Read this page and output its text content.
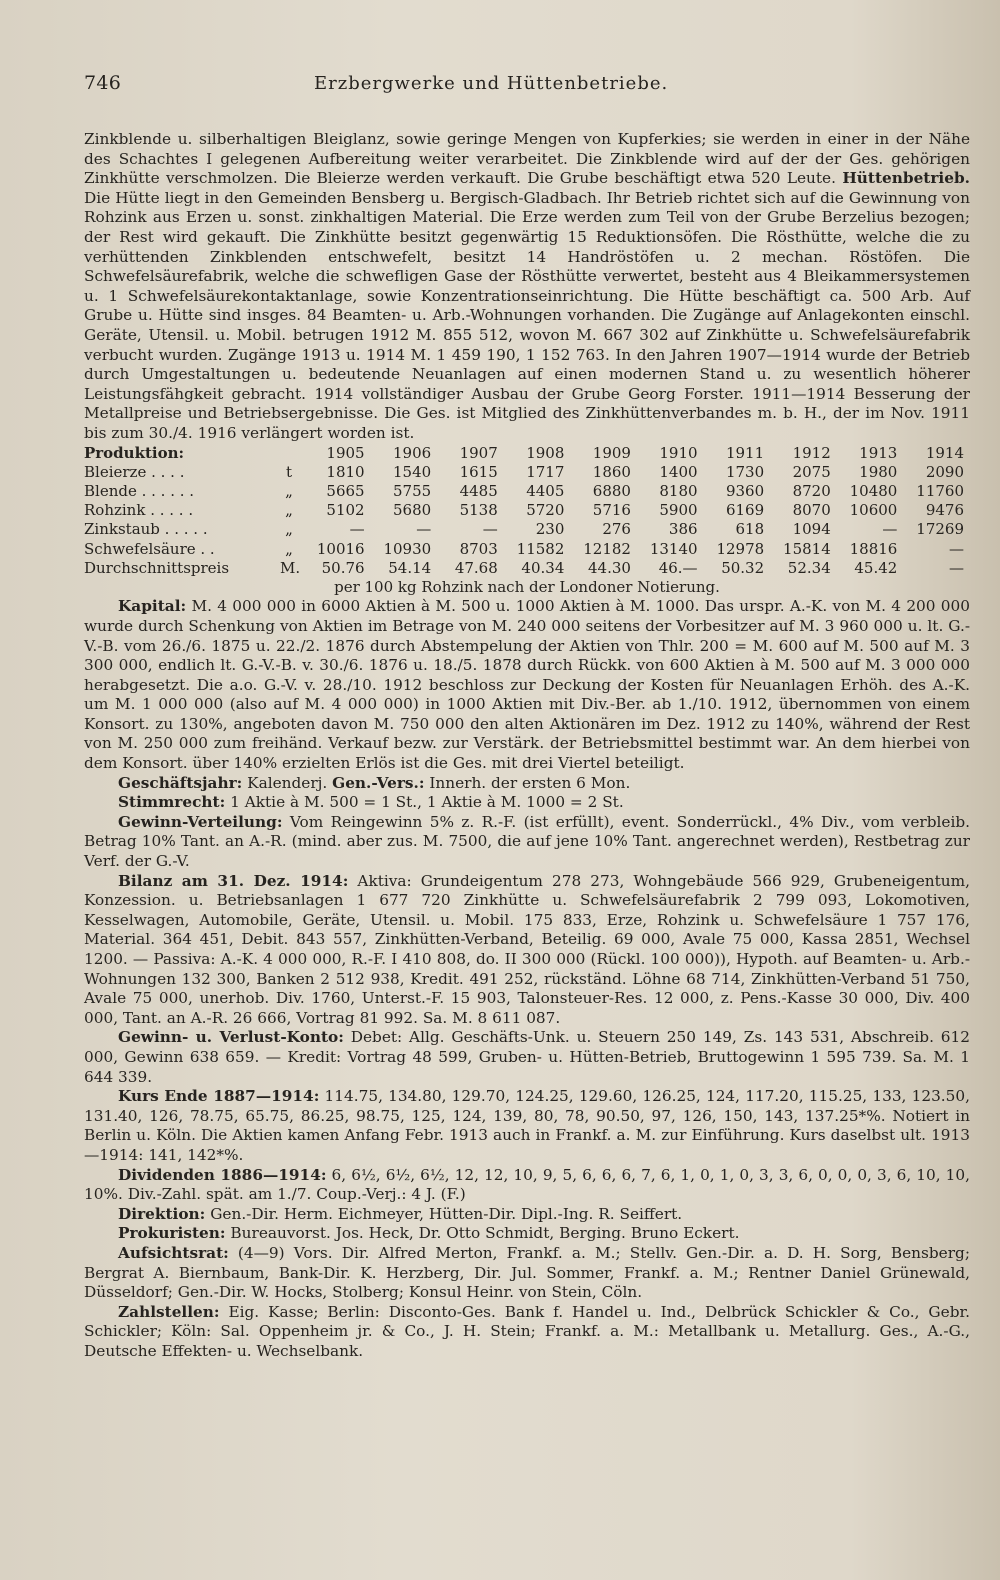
746	Erzbergwerke und Hüttenbetriebe.

Zinkblende u. silberhaltigen Bleiglanz, sowie geringe Mengen von Kupferkies; sie werden in einer in der Nähe des Schachtes I gelegenen Aufbereitung weiter verarbeitet. Die Zinkblende wird auf der der Ges. gehörigen Zinkhütte verschmolzen. Die Bleierze werden verkauft. Die Grube beschäftigt etwa 520 Leute. Hüttenbetrieb. Die Hütte liegt in den Gemeinden Bensberg u. Bergisch-Gladbach. Ihr Betrieb richtet sich auf die Gewinnung von Rohzink aus Erzen u. sonst. zinkhaltigen Material. Die Erze werden zum Teil von der Grube Berzelius bezogen; der Rest wird gekauft. Die Zinkhütte besitzt gegenwärtig 15 Reduktionsöfen. Die Rösthütte, welche die zu verhüttenden Zinkblenden entschwefelt, besitzt 14 Handröstöfen u. 2 mechan. Röstöfen. Die Schwefelsäurefabrik, welche die schwefligen Gase der Rösthütte verwertet, besteht aus 4 Bleikammersystemen u. 1 Schwefelsäurekontaktanlage, sowie Konzentrationseinrichtung. Die Hütte beschäftigt ca. 500 Arb. Auf Grube u. Hütte sind insges. 84 Beamten- u. Arb.-Wohnungen vorhanden. Die Zugänge auf Anlagekonten einschl. Geräte, Utensil. u. Mobil. betrugen 1912 M. 855 512, wovon M. 667 302 auf Zinkhütte u. Schwefelsäurefabrik verbucht wurden. Zugänge 1913 u. 1914 M. 1 459 190, 1 152 763. In den Jahren 1907—1914 wurde der Betrieb durch Umgestaltungen u. bedeutende Neuanlagen auf einen modernen Stand u. zu wesentlich höherer Leistungsfähgkeit gebracht. 1914 vollständiger Ausbau der Grube Georg Forster. 1911—1914 Besserung der Metallpreise und Betriebsergebnisse. Die Ges. ist Mitglied des Zinkhüttenverbandes m. b. H., der im Nov. 1911 bis zum 30./4. 1916 verlängert worden ist.

Produktion:		1905	1906	1907	1908	1909	1910	1911	1912	1913	1914
Bleierze . . . .	t	1810	1540	1615	1717	1860	1400	1730	2075	1980	2090
Blende . . . . . .	„	5665	5755	4485	4405	6880	8180	9360	8720	10480	11760
Rohzink . . . . .	„	5102	5680	5138	5720	5716	5900	6169	8070	10600	9476
Zinkstaub . . . . .	„	—	—	—	230	276	386	618	1094	—	17269
Schwefelsäure . .	„	10016	10930	8703	11582	12182	13140	12978	15814	18816	—
Durchschnittspreis	M.	50.76	54.14	47.68	40.34	44.30	46.—	50.32	52.34	45.42	—

per 100 kg Rohzink nach der Londoner Notierung.

Kapital: M. 4 000 000 in 6000 Aktien à M. 500 u. 1000 Aktien à M. 1000. Das urspr. A.-K. von M. 4 200 000 wurde durch Schenkung von Aktien im Betrage von M. 240 000 seitens der Vorbesitzer auf M. 3 960 000 u. lt. G.-V.-B. vom 26./6. 1875 u. 22./2. 1876 durch Abstempelung der Aktien von Thlr. 200 = M. 600 auf M. 500 auf M. 3 300 000, endlich lt. G.-V.-B. v. 30./6. 1876 u. 18./5. 1878 durch Rückk. von 600 Aktien à M. 500 auf M. 3 000 000 herabgesetzt. Die a.o. G.-V. v. 28./10. 1912 beschloss zur Deckung der Kosten für Neuanlagen Erhöh. des A.-K. um M. 1 000 000 (also auf M. 4 000 000) in 1000 Aktien mit Div.-Ber. ab 1./10. 1912, übernommen von einem Konsort. zu 130%, angeboten davon M. 750 000 den alten Aktionären im Dez. 1912 zu 140%, während der Rest von M. 250 000 zum freihänd. Verkauf bezw. zur Verstärk. der Betriebsmittel bestimmt war. An dem hierbei von dem Konsort. über 140% erzielten Erlös ist die Ges. mit drei Viertel beteiligt.

Geschäftsjahr: Kalenderj. Gen.-Vers.: Innerh. der ersten 6 Mon.

Stimmrecht: 1 Aktie à M. 500 = 1 St., 1 Aktie à M. 1000 = 2 St.

Gewinn-Verteilung: Vom Reingewinn 5% z. R.-F. (ist erfüllt), event. Sonderrückl., 4% Div., vom verbleib. Betrag 10% Tant. an A.-R. (mind. aber zus. M. 7500, die auf jene 10% Tant. angerechnet werden), Restbetrag zur Verf. der G.-V.

Bilanz am 31. Dez. 1914: Aktiva: Grundeigentum 278 273, Wohngebäude 566 929, Grubeneigentum, Konzession. u. Betriebsanlagen 1 677 720 Zinkhütte u. Schwefelsäurefabrik 2 799 093, Lokomotiven, Kesselwagen, Automobile, Geräte, Utensil. u. Mobil. 175 833, Erze, Rohzink u. Schwefelsäure 1 757 176, Material. 364 451, Debit. 843 557, Zinkhütten-Verband, Beteilig. 69 000, Avale 75 000, Kassa 2851, Wechsel 1200. — Passiva: A.-K. 4 000 000, R.-F. I 410 808, do. II 300 000 (Rückl. 100 000)), Hypoth. auf Beamten- u. Arb.-Wohnungen 132 300, Banken 2 512 938, Kredit. 491 252, rückständ. Löhne 68 714, Zinkhütten-Verband 51 750, Avale 75 000, unerhob. Div. 1760, Unterst.-F. 15 903, Talonsteuer-Res. 12 000, z. Pens.-Kasse 30 000, Div. 400 000, Tant. an A.-R. 26 666, Vortrag 81 992. Sa. M. 8 611 087.

Gewinn- u. Verlust-Konto: Debet: Allg. Geschäfts-Unk. u. Steuern 250 149, Zs. 143 531, Abschreib. 612 000, Gewinn 638 659. — Kredit: Vortrag 48 599, Gruben- u. Hütten-Betrieb, Bruttogewinn 1 595 739. Sa. M. 1 644 339.

Kurs Ende 1887—1914: 114.75, 134.80, 129.70, 124.25, 129.60, 126.25, 124, 117.20, 115.25, 133, 123.50, 131.40, 126, 78.75, 65.75, 86.25, 98.75, 125, 124, 139, 80, 78, 90.50, 97, 126, 150, 143, 137.25*%. Notiert in Berlin u. Köln. Die Aktien kamen Anfang Febr. 1913 auch in Frankf. a. M. zur Einführung. Kurs daselbst ult. 1913—1914: 141, 142*%.

Dividenden 1886—1914: 6, 6½, 6½, 6½, 12, 12, 10, 9, 5, 6, 6, 6, 7, 6, 1, 0, 1, 0, 3, 3, 6, 0, 0, 0, 3, 6, 10, 10, 10%. Div.-Zahl. spät. am 1./7. Coup.-Verj.: 4 J. (F.)

Direktion: Gen.-Dir. Herm. Eichmeyer, Hütten-Dir. Dipl.-Ing. R. Seiffert.

Prokuristen: Bureauvorst. Jos. Heck, Dr. Otto Schmidt, Berging. Bruno Eckert.

Aufsichtsrat: (4—9) Vors. Dir. Alfred Merton, Frankf. a. M.; Stellv. Gen.-Dir. a. D. H. Sorg, Bensberg; Bergrat A. Biernbaum, Bank-Dir. K. Herzberg, Dir. Jul. Sommer, Frankf. a. M.; Rentner Daniel Grünewald, Düsseldorf; Gen.-Dir. W. Hocks, Stolberg; Konsul Heinr. von Stein, Cöln.

Zahlstellen: Eig. Kasse; Berlin: Disconto-Ges. Bank f. Handel u. Ind., Delbrück Schickler & Co., Gebr. Schickler; Köln: Sal. Oppenheim jr. & Co., J. H. Stein; Frankf. a. M.: Metallbank u. Metallurg. Ges., A.-G., Deutsche Effekten- u. Wechselbank.
